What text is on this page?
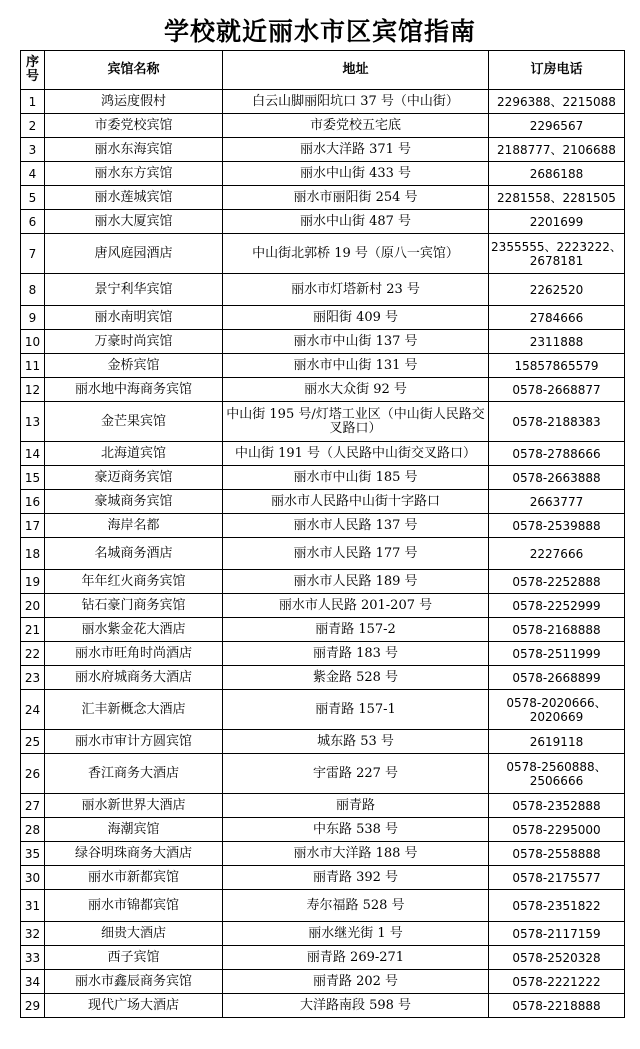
学校就近丽水市区宾馆指南
序号	宾馆名称	地址	订房电话
1	鸿运度假村	白云山脚丽阳坑口 37 号（中山街）	2296388、2215088
2	市委党校宾馆	市委党校五宅底	2296567
3	丽水东海宾馆	丽水大洋路 371 号	2188777、2106688
4	丽水东方宾馆	丽水中山街 433 号	2686188
5	丽水莲城宾馆	丽水市丽阳街 254 号	2281558、2281505
6	丽水大厦宾馆	丽水中山街 487 号	2201699
7	唐风庭园酒店	中山街北郭桥 19 号（原八一宾馆）	2355555、2223222、2678181
8	景宁利华宾馆	丽水市灯塔新村 23 号	2262520
9	丽水南明宾馆	丽阳街 409 号	2784666
10	万豪时尚宾馆	丽水市中山街 137 号	2311888
11	金桥宾馆	丽水市中山街 131 号	15857865579
12	丽水地中海商务宾馆	丽水大众街 92 号	0578-2668877
13	金芒果宾馆	中山街 195 号/灯塔工业区（中山街人民路交叉路口）	0578-2188383
14	北海道宾馆	中山街 191 号（人民路中山街交叉路口）	0578-2788666
15	豪迈商务宾馆	丽水市中山街 185 号	0578-2663888
16	豪城商务宾馆	丽水市人民路中山街十字路口	2663777
17	海岸名都	丽水市人民路 137 号	0578-2539888
18	名城商务酒店	丽水市人民路 177 号	2227666
19	年年红火商务宾馆	丽水市人民路 189 号	0578-2252888
20	钻石豪门商务宾馆	丽水市人民路 201-207 号	0578-2252999
21	丽水紫金花大酒店	丽青路 157-2	0578-2168888
22	丽水市旺角时尚酒店	丽青路 183 号	0578-2511999
23	丽水府城商务大酒店	紫金路 528 号	0578-2668899
24	汇丰新概念大酒店	丽青路 157-1	0578-2020666、2020669
25	丽水市审计方圆宾馆	城东路 53 号	2619118
26	香江商务大酒店	宇雷路 227 号	0578-2560888、2506666
27	丽水新世界大酒店	丽青路	0578-2352888
28	海潮宾馆	中东路 538 号	0578-2295000
35	绿谷明珠商务大酒店	丽水市大洋路 188 号	0578-2558888
30	丽水市新都宾馆	丽青路 392 号	0578-2175577
31	丽水市锦都宾馆	寿尔福路 528 号	0578-2351822
32	细贵大酒店	丽水继光街 1 号	0578-2117159
33	西子宾馆	丽青路 269-271	0578-2520328
34	丽水市鑫辰商务宾馆	丽青路 202 号	0578-2221222
29	现代广场大酒店	大洋路南段 598 号	0578-2218888
